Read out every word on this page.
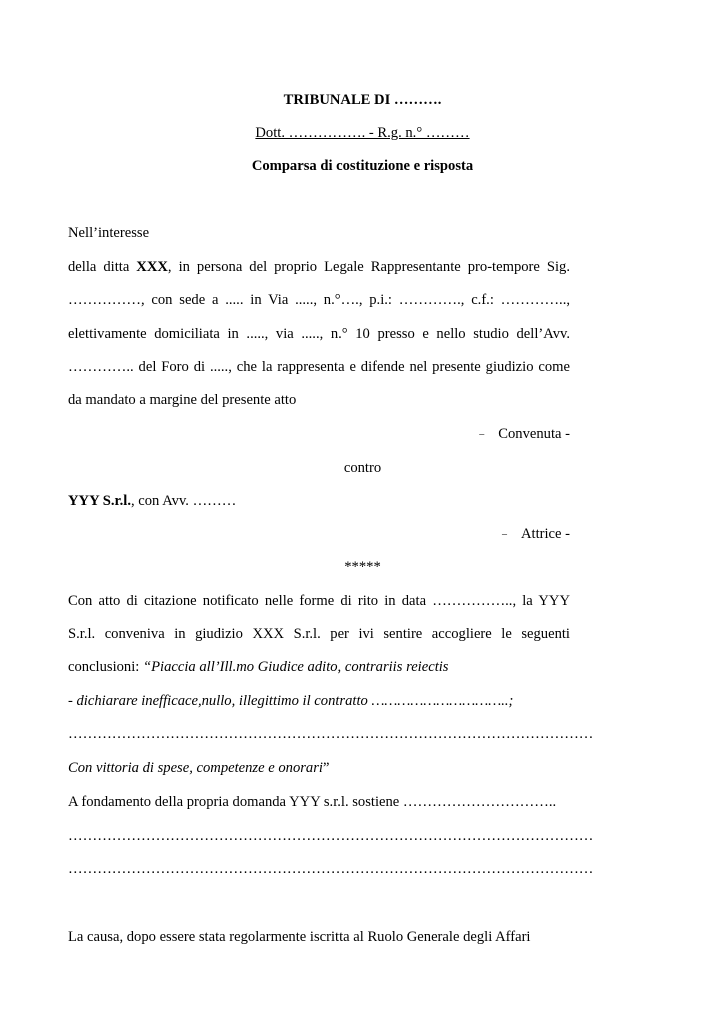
TRIBUNALE DI ……….
Dott. ……………. - R.g. n.° ………
Comparsa di costituzione e risposta
Nell’interesse
della ditta XXX, in persona del proprio Legale Rappresentante pro-tempore Sig.
……………, con sede a ..... in Via ....., n.°…., p.i.: …………., c.f.: …………..,
elettivamente domiciliata in ....., via ....., n.° 10 presso e nello studio dell’Avv.
………….. del Foro di ....., che la rappresenta e difende nel presente giudizio come
da mandato a margine del presente atto
– Convenuta -
contro
YYY S.r.l., con Avv. ………
– Attrice -
*****
Con atto di citazione notificato nelle forme di rito in data …………….., la YYY
S.r.l. conveniva in giudizio XXX S.r.l. per ivi sentire accogliere le seguenti
conclusioni: “Piaccia all’Ill.mo Giudice adito, contrariis reiectis
- dichiarare inefficace,nullo, illegittimo il contratto …………………………..;
………………………………………………………………………………………………
Con vittoria di spese, competenze e onorari”
A fondamento della propria domanda YYY s.r.l. sostiene …………………………..
………………………………………………………………………………………………
………………………………………………………………………………………………
La causa, dopo essere stata regolarmente iscritta al Ruolo Generale degli Affari
